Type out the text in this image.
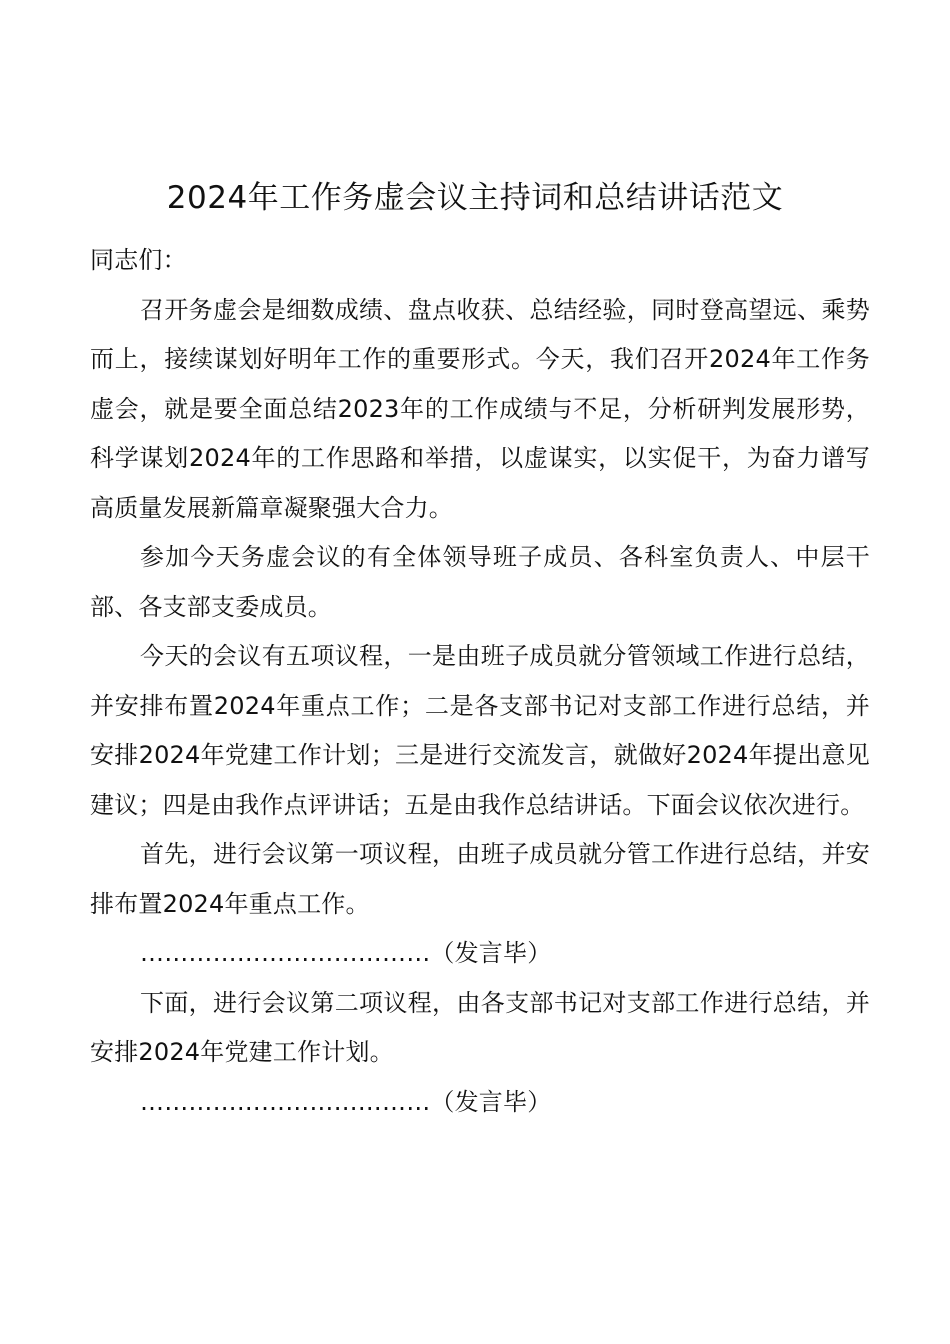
2024年工作务虚会议主持词和总结讲话范文

同志们：

召开务虚会是细数成绩、盘点收获、总结经验，同时登高望远、乘势而上，接续谋划好明年工作的重要形式。今天，我们召开2024年工作务虚会，就是要全面总结2023年的工作成绩与不足，分析研判发展形势，科学谋划2024年的工作思路和举措，以虚谋实，以实促干，为奋力谱写高质量发展新篇章凝聚强大合力。

参加今天务虚会议的有全体领导班子成员、各科室负责人、中层干部、各支部支委成员。

今天的会议有五项议程，一是由班子成员就分管领域工作进行总结，并安排布置2024年重点工作；二是各支部书记对支部工作进行总结，并安排2024年党建工作计划；三是进行交流发言，就做好2024年提出意见建议；四是由我作点评讲话；五是由我作总结讲话。下面会议依次进行。

首先，进行会议第一项议程，由班子成员就分管工作进行总结，并安排布置2024年重点工作。

………………………………（发言毕）

下面，进行会议第二项议程，由各支部书记对支部工作进行总结，并安排2024年党建工作计划。

………………………………（发言毕）
